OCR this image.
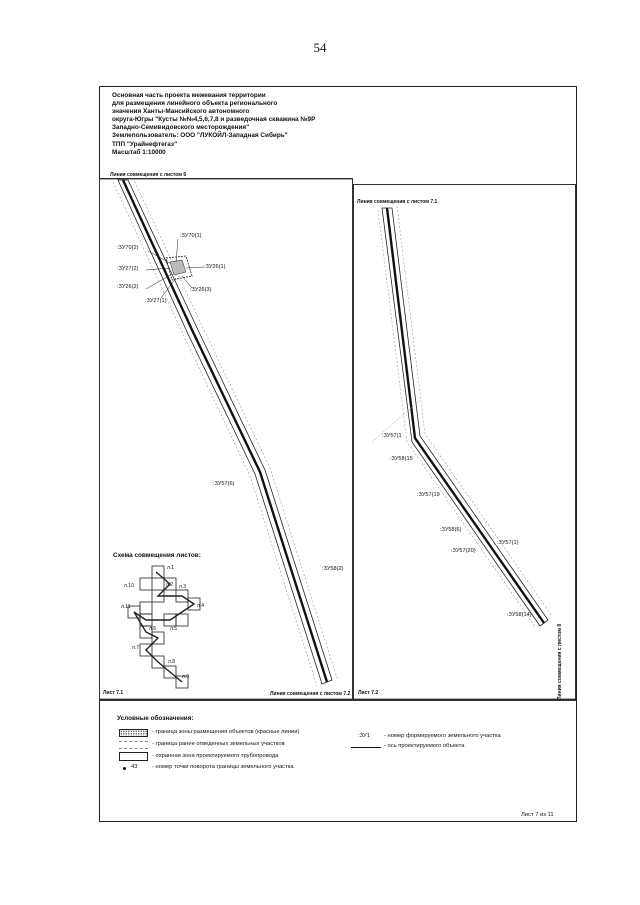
54
Основная часть проекта межевания территории
для размещения линейного объекта регионального
значения Ханты-Мансийского автономного
округа-Югры "Кусты №№4,5,6,7,8 и разведочная скважина №9Р
Западно-Семивидовского месторождения"
Землепользователь: ООО "ЛУКОЙЛ-Западная Сибирь"
ТПП "Урайнефтегаз"
Масштаб 1:10000
Линия совмещения с листом 6
Линия совмещения с листом 7.2
Лист 7.1
Линия совмещения с листом 7.1
Линия совмещения с листом 8
Лист 7.2
:ЗУ70(1)
:ЗУ70(2)
:ЗУ26(1)
:ЗУ27(2)
:ЗУ26(2)	:ЗУ26(3)
:ЗУ27(1)
:ЗУ57(6)
:ЗУ58(2)
:ЗУ57(1
:ЗУ58(15
:ЗУ57(19
:ЗУ58(6)
:ЗУ57(1)
:ЗУ57(20)
:ЗУ58(14)
Схема совмещения листов:
л.1
л.2 л.3
л.4
л.5
л.6
л.7
л.8
л.9
л.10
л.11
Условные обозначения:
- граница зоны размещения объектов (красные линии)
- граница ранее отведенных земельных участков
- охранная зона проектируемого трубопровода
43	- номер точки поворота границы земельного участка
:ЗУ1 - номер формируемого земельного участка
- ось проектируемого объекта
Лист 7 из 11
